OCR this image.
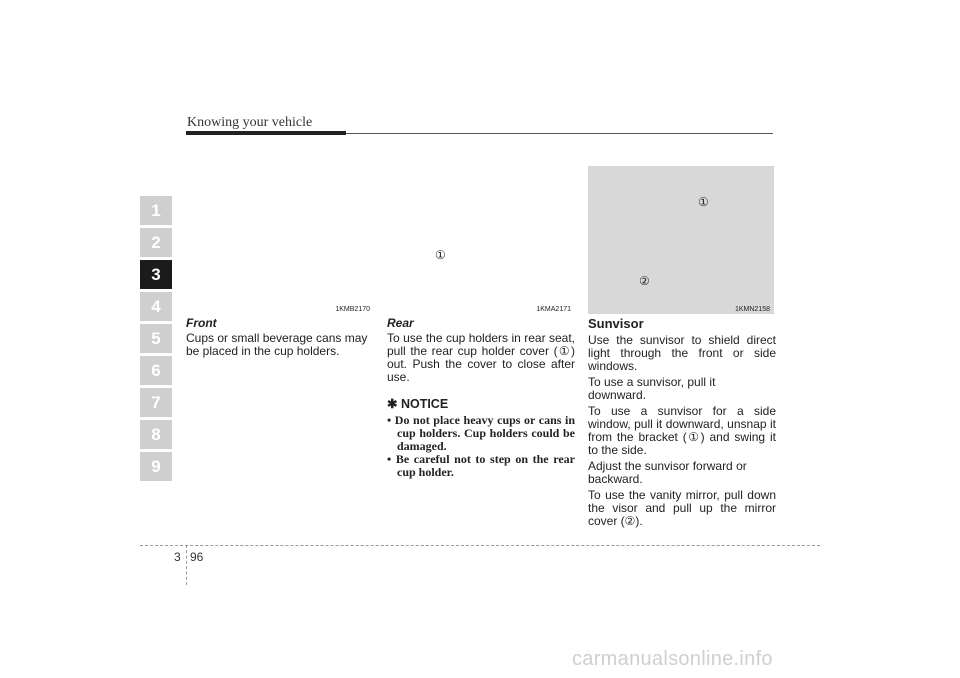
Knowing your vehicle
1
2
3
4
5
6
7
8
9
1KMB2170
①
1KMA2171
①
②
1KMN2158
Front

Cups or small beverage cans may be placed in the cup holders.

Rear

To use the cup holders in rear seat, pull the rear cup holder cover (①) out. Push the cover to close after use.

✱ NOTICE
• Do not place heavy cups or cans in cup holders. Cup holders could be damaged.
• Be careful not to step on the rear cup holder.
Sunvisor

Use the sunvisor to shield direct light through the front or side windows.

To use a sunvisor, pull it downward.

To use a sunvisor for a side window, pull it downward, unsnap it from the bracket (①) and swing it to the side.

Adjust the sunvisor forward or backward.

To use the vanity mirror, pull down the visor and pull up the mirror cover (②).

3 96
carmanualsonline.info
